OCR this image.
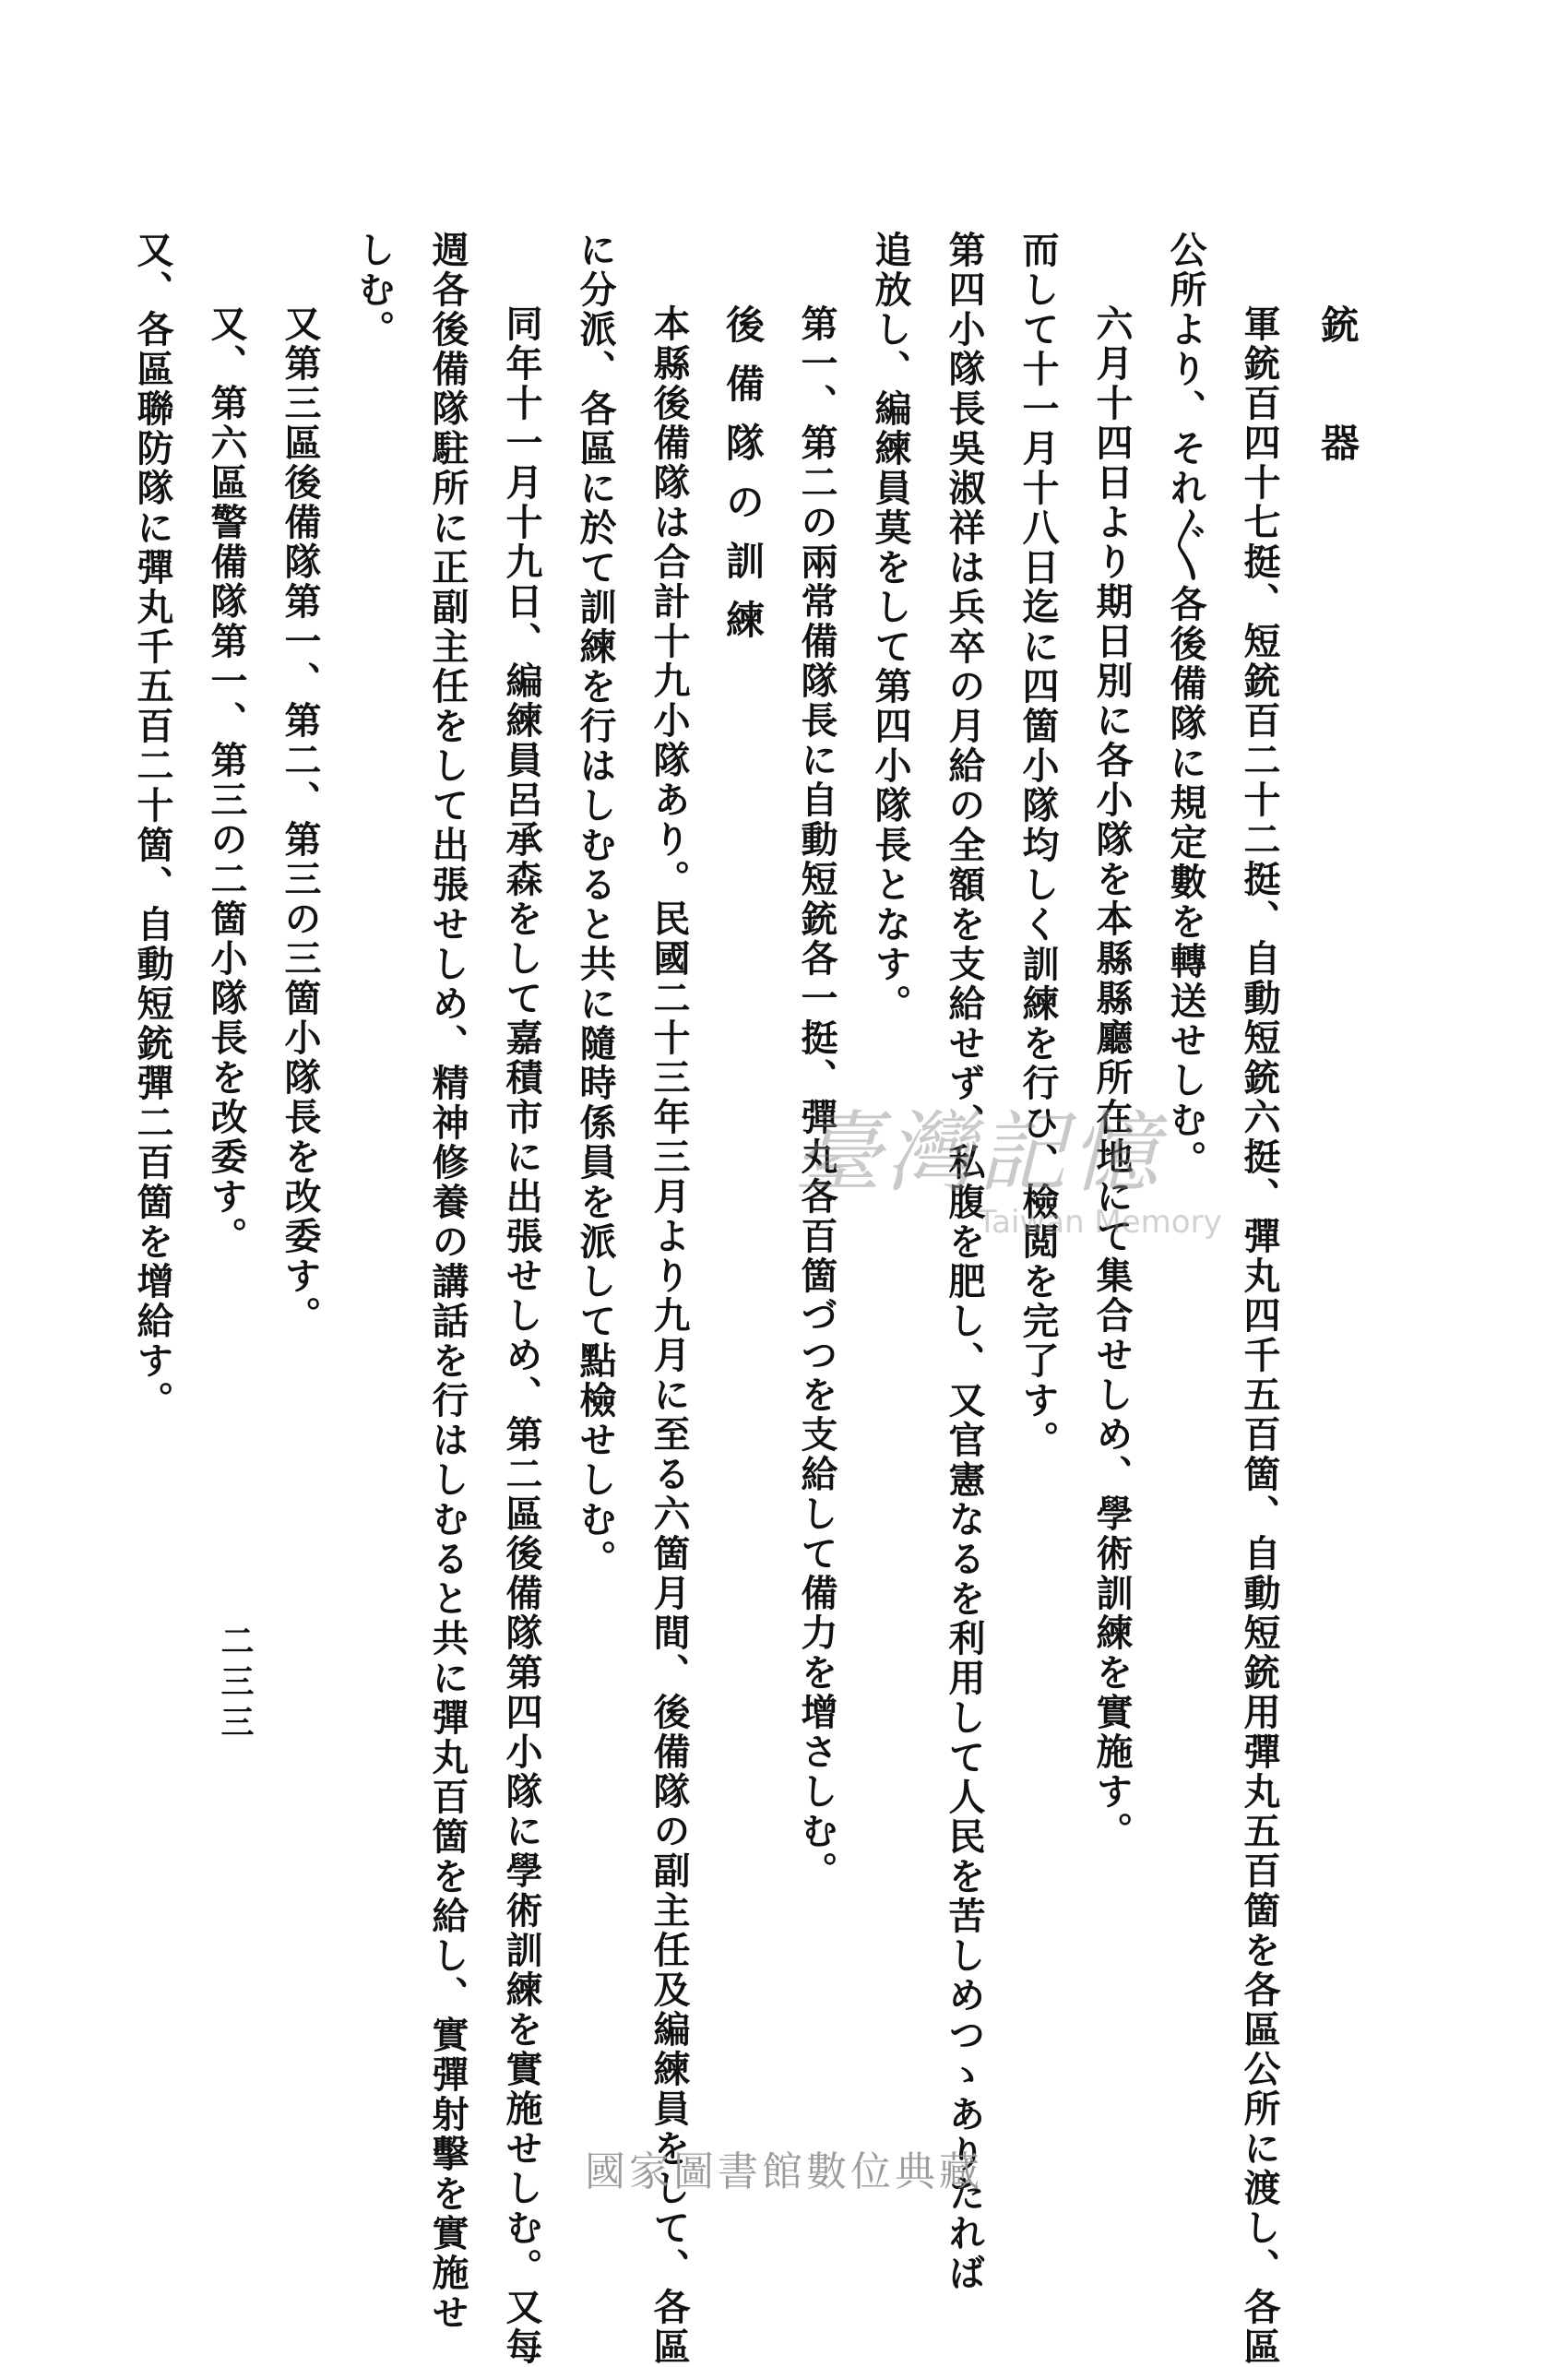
銃　器
軍銃百四十七挺、短銃百二十二挺、自動短銃六挺、彈丸四千五百箇、自動短銃用彈丸五百箇を各區公所に渡し、各區
公所より、それ〴〵各後備隊に規定數を轉送せしむ。
六月十四日より期日別に各小隊を本縣縣廳所在地にて集合せしめ、學術訓練を實施す。
而して十一月十八日迄に四箇小隊均しく訓練を行ひ、檢閲を完了す。
第四小隊長吳淑祥は兵卒の月給の全額を支給せず、私腹を肥し、又官憲なるを利用して人民を苦しめつゝありたれば
追放し、編練員莫をして第四小隊長となす。
第一、第二の兩常備隊長に自動短銃各一挺、彈丸各百箇づつを支給して備力を增さしむ。
後備隊の訓練
本縣後備隊は合計十九小隊あり。民國二十三年三月より九月に至る六箇月間、後備隊の副主任及編練員をして、各區
に分派、各區に於て訓練を行はしむると共に隨時係員を派して點檢せしむ。
同年十一月十九日、編練員呂承森をして嘉積市に出張せしめ、第二區後備隊第四小隊に學術訓練を實施せしむ。又每
週各後備隊駐所に正副主任をして出張せしめ、精神修養の講話を行はしむると共に彈丸百箇を給し、實彈射擊を實施せ
しむ。
又第三區後備隊第一、第二、第三の三箇小隊長を改委す。
又、第六區警備隊第一、第三の二箇小隊長を改委す。
又、各區聯防隊に彈丸千五百二十箇、自動短銃彈二百箇を增給す。
二三三
臺灣記憶
Taiwan Memory
國家圖書館數位典藏
